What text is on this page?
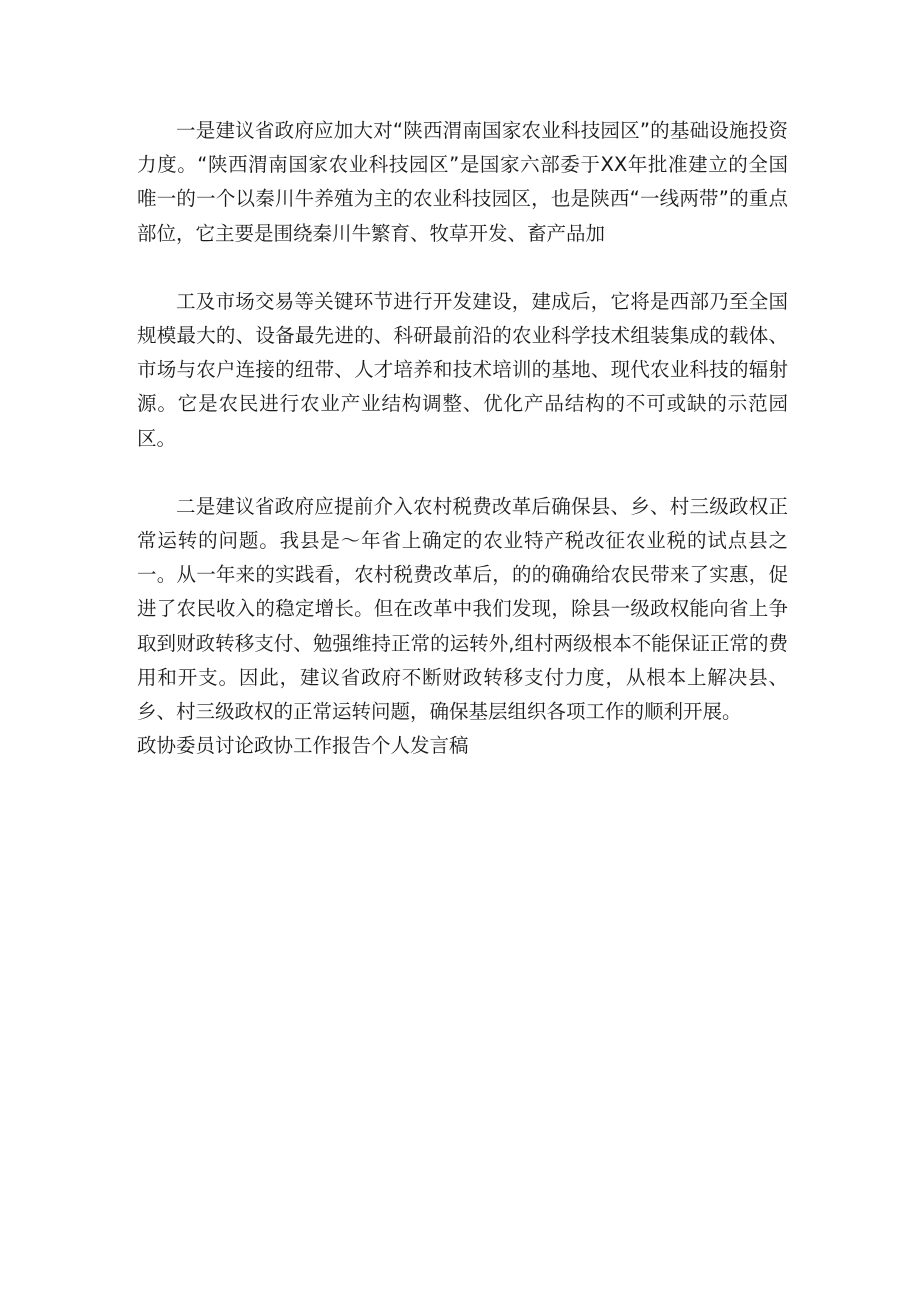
一是建议省政府应加大对“陕西渭南国家农业科技园区”的基础设施投资力度。“陕西渭南国家农业科技园区”是国家六部委于XX年批准建立的全国唯一的一个以秦川牛养殖为主的农业科技园区，也是陕西“一线两带”的重点部位，它主要是围绕秦川牛繁育、牧草开发、畜产品加

工及市场交易等关键环节进行开发建设，建成后，它将是西部乃至全国规模最大的、设备最先进的、科研最前沿的农业科学技术组装集成的载体、市场与农户连接的纽带、人才培养和技术培训的基地、现代农业科技的辐射源。它是农民进行农业产业结构调整、优化产品结构的不可或缺的示范园区。

二是建议省政府应提前介入农村税费改革后确保县、乡、村三级政权正常运转的问题。我县是〜年省上确定的农业特产税改征农业税的试点县之一。从一年来的实践看，农村税费改革后，的的确确给农民带来了实惠，促进了农民收入的稳定增长。但在改革中我们发现，除县一级政权能向省上争取到财政转移支付、勉强维持正常的运转外,组村两级根本不能保证正常的费用和开支。因此，建议省政府不断财政转移支付力度，从根本上解决县、乡、村三级政权的正常运转问题，确保基层组织各项工作的顺利开展。

政协委员讨论政协工作报告个人发言稿
